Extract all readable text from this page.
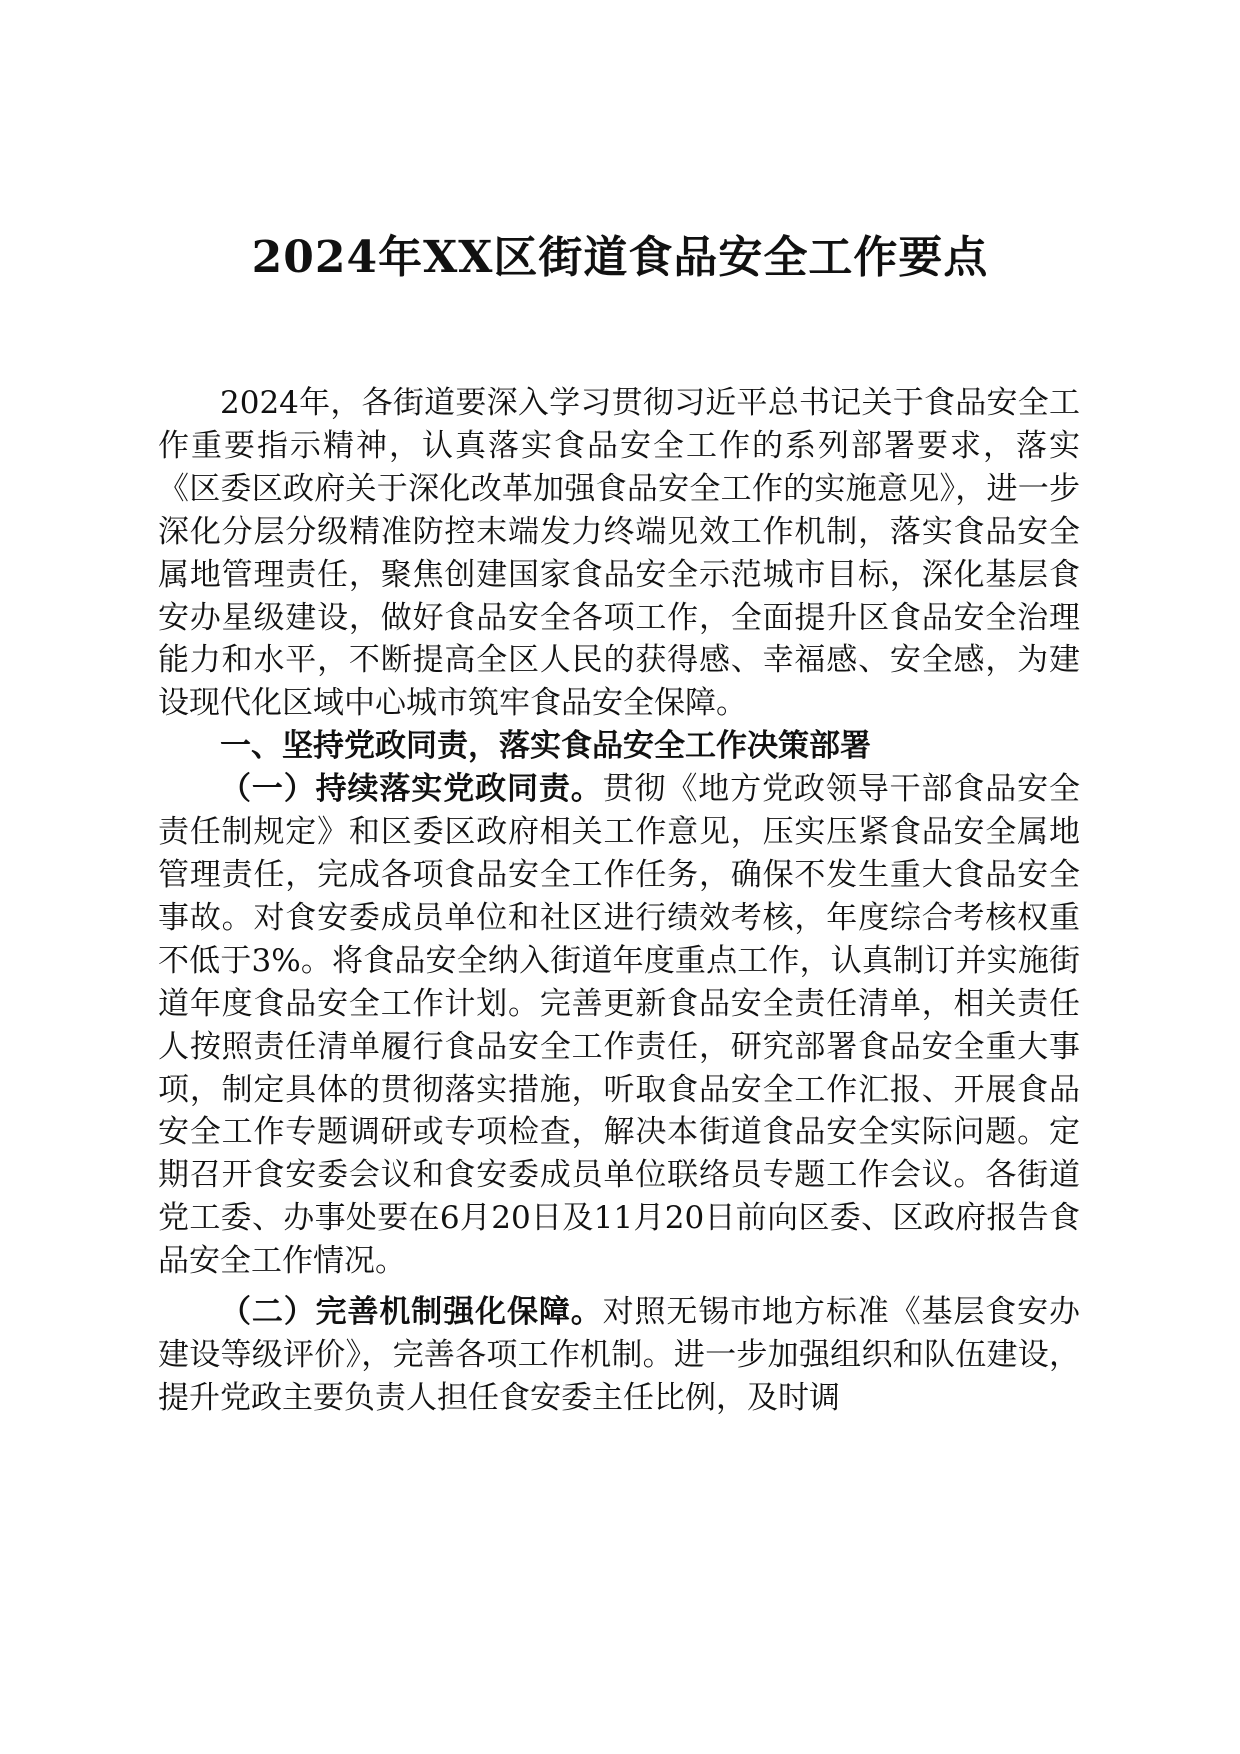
2024年XX区街道食品安全工作要点

2024年，各街道要深入学习贯彻习近平总书记关于食品安全工作重要指示精神，认真落实食品安全工作的系列部署要求，落实《区委区政府关于深化改革加强食品安全工作的实施意见》，进一步深化分层分级精准防控末端发力终端见效工作机制，落实食品安全属地管理责任，聚焦创建国家食品安全示范城市目标，深化基层食安办星级建设，做好食品安全各项工作，全面提升区食品安全治理能力和水平，不断提高全区人民的获得感、幸福感、安全感，为建设现代化区域中心城市筑牢食品安全保障。

一、坚持党政同责，落实食品安全工作决策部署

（一）持续落实党政同责。贯彻《地方党政领导干部食品安全责任制规定》和区委区政府相关工作意见，压实压紧食品安全属地管理责任，完成各项食品安全工作任务，确保不发生重大食品安全事故。对食安委成员单位和社区进行绩效考核，年度综合考核权重不低于3%。将食品安全纳入街道年度重点工作，认真制订并实施街道年度食品安全工作计划。完善更新食品安全责任清单，相关责任人按照责任清单履行食品安全工作责任，研究部署食品安全重大事项，制定具体的贯彻落实措施，听取食品安全工作汇报、开展食品安全工作专题调研或专项检查，解决本街道食品安全实际问题。定期召开食安委会议和食安委成员单位联络员专题工作会议。各街道党工委、办事处要在6月20日及11月20日前向区委、区政府报告食品安全工作情况。

（二）完善机制强化保障。对照无锡市地方标准《基层食安办建设等级评价》，完善各项工作机制。进一步加强组织和队伍建设，提升党政主要负责人担任食安委主任比例，及时调
